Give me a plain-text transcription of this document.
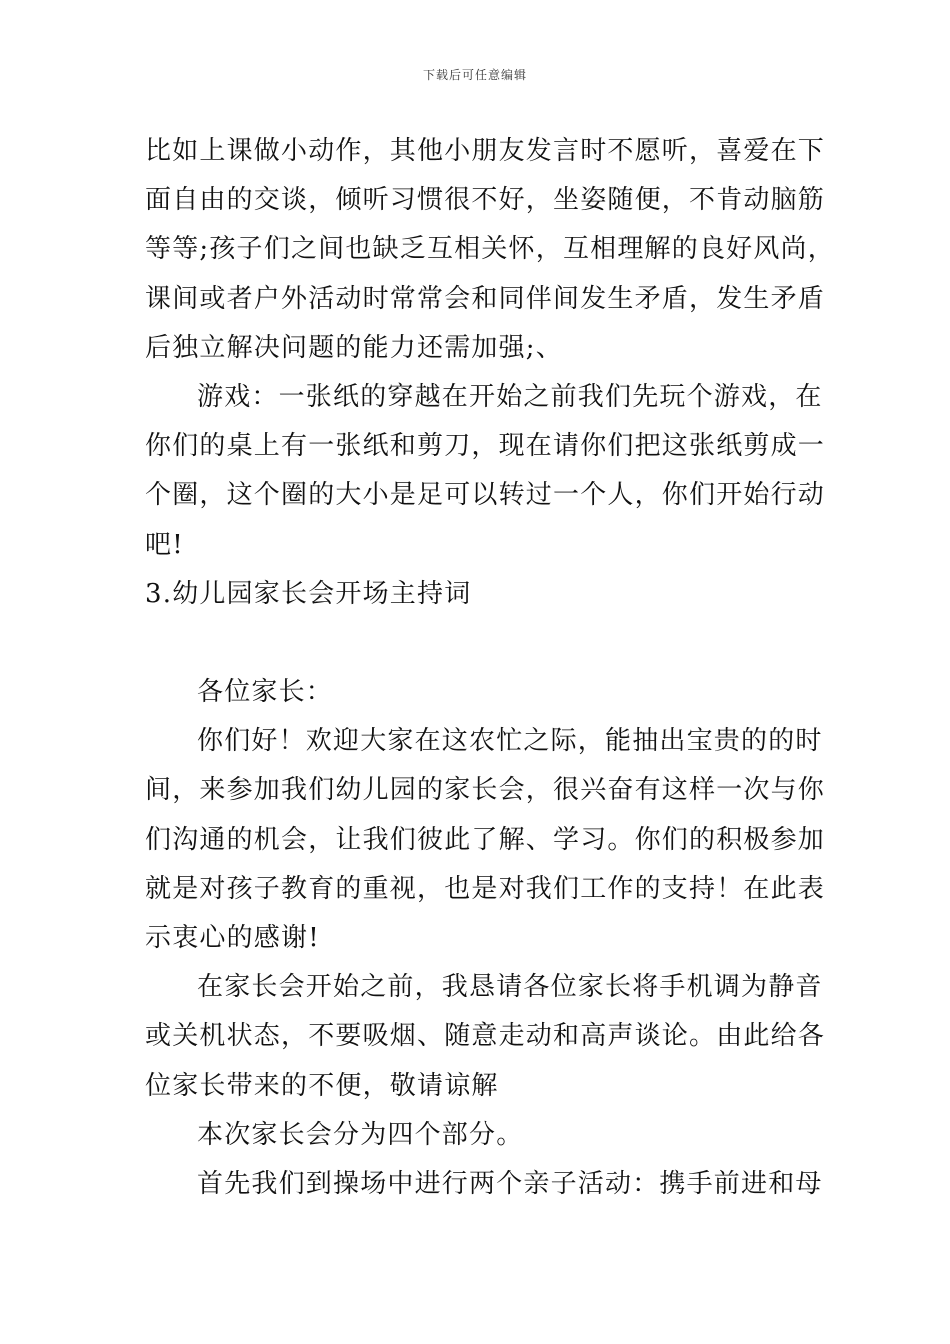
下载后可任意编辑
比如上课做小动作，其他小朋友发言时不愿听，喜爱在下
面自由的交谈，倾听习惯很不好，坐姿随便，不肯动脑筋
等等;孩子们之间也缺乏互相关怀，互相理解的良好风尚，
课间或者户外活动时常常会和同伴间发生矛盾，发生矛盾
后独立解决问题的能力还需加强;、
游戏：一张纸的穿越在开始之前我们先玩个游戏，在
你们的桌上有一张纸和剪刀，现在请你们把这张纸剪成一
个圈，这个圈的大小是足可以转过一个人，你们开始行动
吧!
3.幼儿园家长会开场主持词
各位家长：
你们好！欢迎大家在这农忙之际，能抽出宝贵的的时
间，来参加我们幼儿园的家长会，很兴奋有这样一次与你
们沟通的机会，让我们彼此了解、学习。你们的积极参加
就是对孩子教育的重视，也是对我们工作的支持！在此表
示衷心的感谢!
在家长会开始之前，我恳请各位家长将手机调为静音
或关机状态，不要吸烟、随意走动和高声谈论。由此给各
位家长带来的不便，敬请谅解
本次家长会分为四个部分。
首先我们到操场中进行两个亲子活动：携手前进和母
